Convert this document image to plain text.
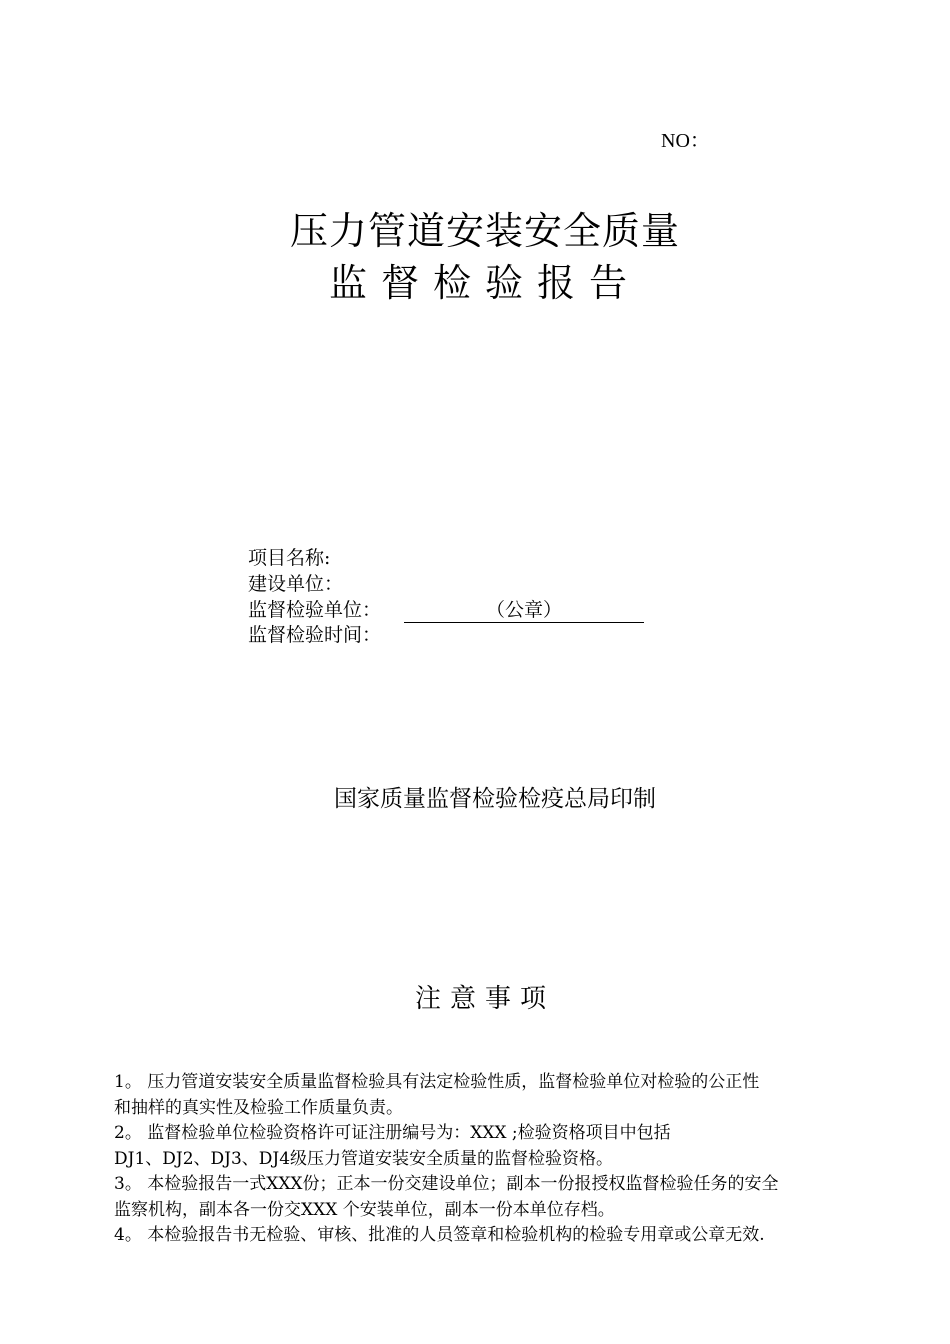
NO：
压力管道安装安全质量
监督检验报告
项目名称:
建设单位：
监督检验单位：	（公章）
监督检验时间：
国家质量监督检验检疫总局印制
注意事项
1。 压力管道安装安全质量监督检验具有法定检验性质，监督检验单位对检验的公正性
和抽样的真实性及检验工作质量负责。
2。 监督检验单位检验资格许可证注册编号为：XXX ;检验资格项目中包括
DJ1、DJ2、DJ3、DJ4级压力管道安装安全质量的监督检验资格。
3。 本检验报告一式XXX份；正本一份交建设单位；副本一份报授权监督检验任务的安全
监察机构，副本各一份交XXX 个安装单位，副本一份本单位存档。
4。 本检验报告书无检验、审核、批准的人员签章和检验机构的检验专用章或公章无效.
